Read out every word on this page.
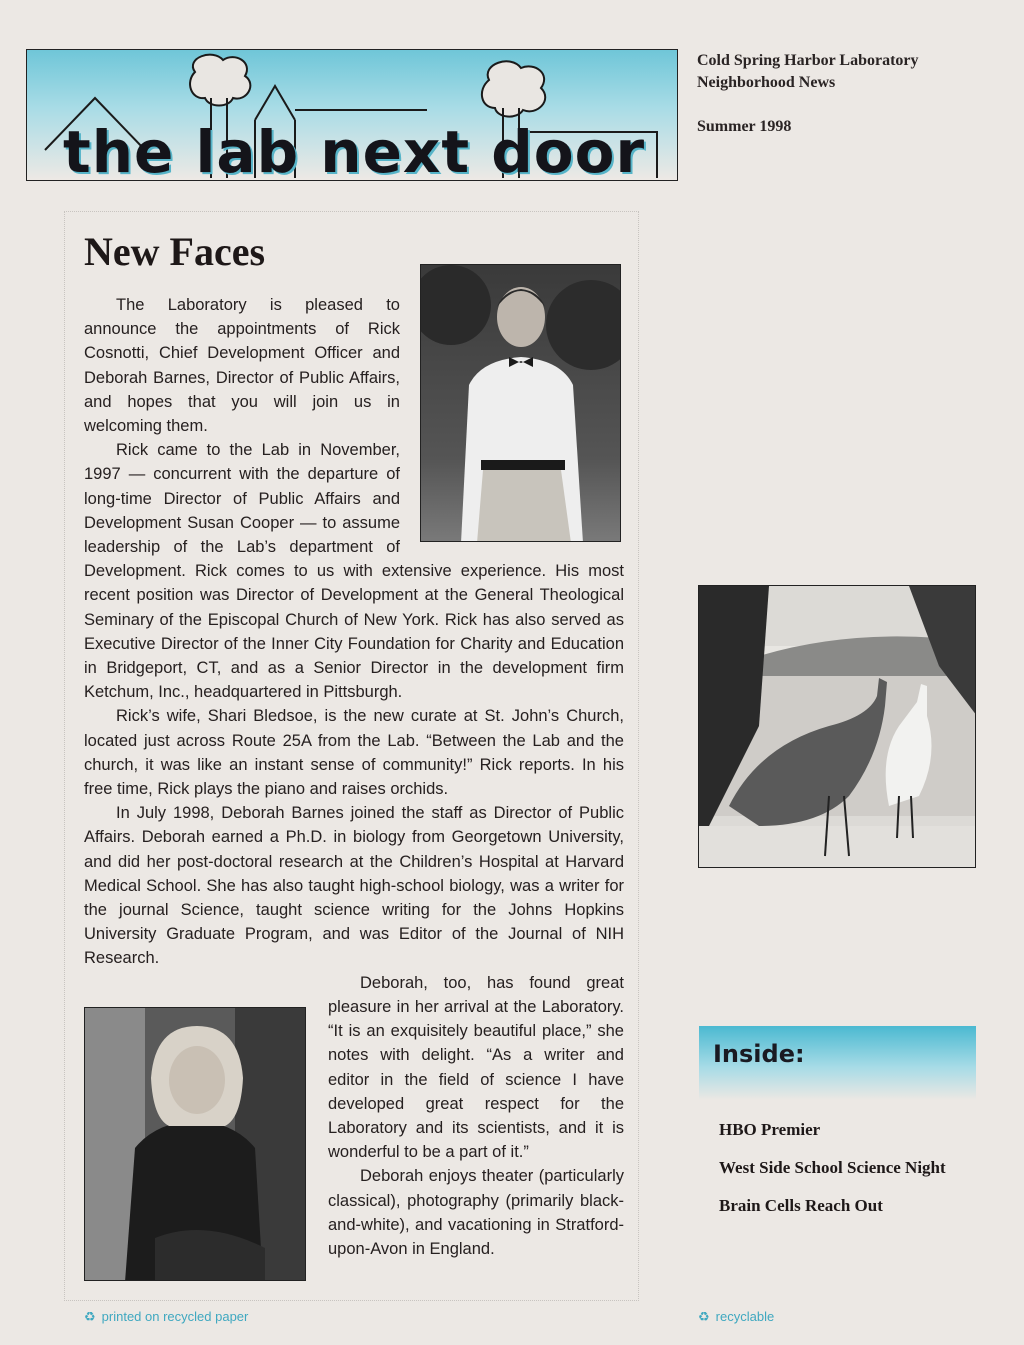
the lab next door
Cold Spring Harbor Laboratory
Neighborhood News
Summer 1998
New Faces

The Laboratory is pleased to announce the appointments of Rick Cosnotti, Chief Development Officer and Deborah Barnes, Director of Public Affairs, and hopes that you will join us in welcoming them.

Rick came to the Lab in November, 1997 — concurrent with the departure of long-time Director of Public Affairs and Development Susan Cooper — to assume leadership of the Lab’s department of Development. Rick comes to us with extensive experience. His most recent position was Director of Development at the General Theological Seminary of the Episcopal Church of New York. Rick has also served as Executive Director of the Inner City Foundation for Charity and Education in Bridgeport, CT, and as a Senior Director in the development firm Ketchum, Inc., headquartered in Pittsburgh.

Rick’s wife, Shari Bledsoe, is the new curate at St. John’s Church, located just across Route 25A from the Lab. “Between the Lab and the church, it was like an instant sense of community!” Rick reports. In his free time, Rick plays the piano and raises orchids.

In July 1998, Deborah Barnes joined the staff as Director of Public Affairs. Deborah earned a Ph.D. in biology from Georgetown University, and did her post-doctoral research at the Children’s Hospital at Harvard Medical School. She has also taught high-school biology, was a writer for the journal Science, taught science writing for the Johns Hopkins University Graduate Program, and was Editor of the Journal of NIH Research.

Deborah, too, has found great pleasure in her arrival at the Laboratory. “It is an exquisitely beautiful place,” she notes with delight. “As a writer and editor in the field of science I have developed great respect for the Laboratory and its scientists, and it is wonderful to be a part of it.”

Deborah enjoys theater (particularly classical), photography (primarily black-and-white), and vacationing in Stratford-upon-Avon in England.

Inside:
HBO Premier
West Side School Science Night
Brain Cells Reach Out
♻ printed on recycled paper	♻ recyclable
